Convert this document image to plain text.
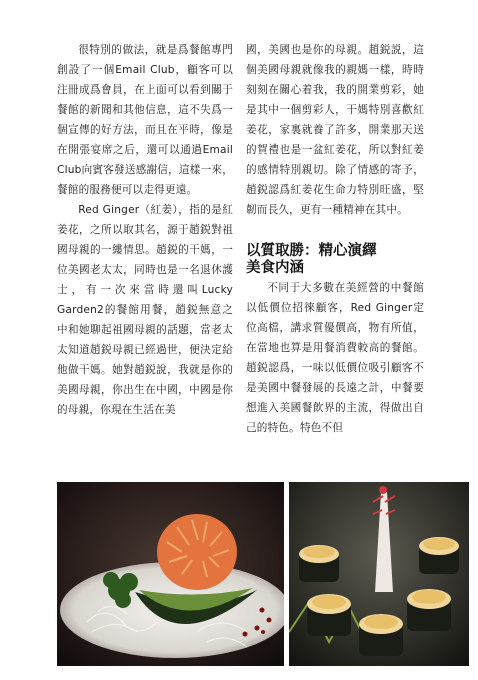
很特別的做法，就是爲餐館專門創設了一個Email Club，顧客可以注冊成爲會員，在上面可以看到關于餐館的新聞和其他信息，這不失爲一個宣傳的好方法，而且在平時，像是在開張宴席之后，還可以通過Email Club向賓客發送感謝信，這樣一來，餐館的服務便可以走得更遠。

Red Ginger（紅姜），指的是紅姜花，之所以取其名，源于趙鋭對祖國母親的一縷情思。趙鋭的干媽，一位美國老太太，同時也是一名退休護士，有一次來當時還叫Lucky Garden2的餐館用餐，趙鋭無意之中和她聊起祖國母親的話題，當老太太知道趙鋭母親已經過世，便決定給他做干媽。她對趙鋭說，我就是你的美國母親，你出生在中國，中國是你的母親，你現在生活在美

國，美國也是你的母親。趙鋭説，這個美國母親就像我的親媽一樣，時時刻刻在關心着我，我的開業剪彩，她是其中一個剪彩人，干媽特別喜歡紅姜花，家裏就養了許多，開業那天送的賀禮也是一盆紅姜花，所以對紅姜的感情特別親切。除了情感的寄予，趙鋭認爲紅姜花生命力特別旺盛，堅韌而長久，更有一種精神在其中。

以質取勝：精心演繹
美食内涵

不同于大多數在美經營的中餐館以低價位招徠顧客，Red Ginger定位高檔，講求質優價高，物有所值，在當地也算是用餐消費較高的餐館。趙鋭認爲，一味以低價位吸引顧客不是美國中餐發展的長遠之計，中餐要想進入美國餐飲界的主流，得做出自己的特色。特色不但
